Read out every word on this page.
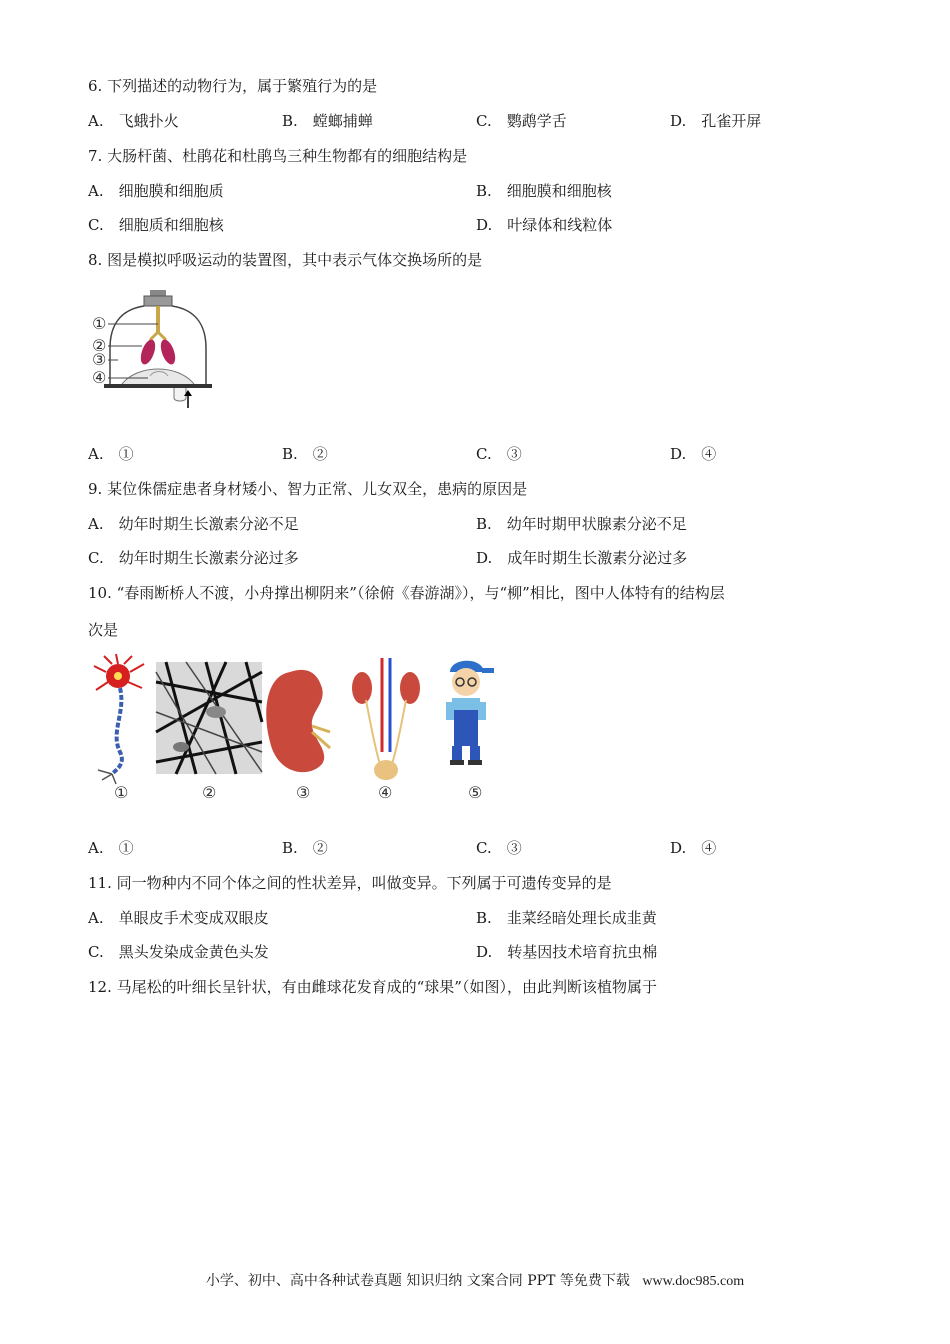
6. 下列描述的动物行为，属于繁殖行为的是
A.　飞蛾扑火	B.　螳螂捕蝉	C.　鹦鹉学舌	D.　孔雀开屏
7. 大肠杆菌、杜鹃花和杜鹃鸟三种生物都有的细胞结构是
A.　细胞膜和细胞质	B.　细胞膜和细胞核
C.　细胞质和细胞核	D.　叶绿体和线粒体
8. 图是模拟呼吸运动的装置图，其中表示气体交换场所的是
①
②
③
④
A.　①	B.　②	C.　③	D.　④
9. 某位侏儒症患者身材矮小、智力正常、儿女双全，患病的原因是
A.　幼年时期生长激素分泌不足	B.　幼年时期甲状腺素分泌不足
C.　幼年时期生长激素分泌过多	D.　成年时期生长激素分泌过多
10. “春雨断桥人不渡，小舟撑出柳阴来”（徐俯《春游湖》），与“柳”相比，图中人体特有的结构层
次是
①	②	③	④	⑤
A.　①	B.　②	C.　③	D.　④
11. 同一物种内不同个体之间的性状差异，叫做变异。下列属于可遗传变异的是
A.　单眼皮手术变成双眼皮	B.　韭菜经暗处理长成韭黄
C.　黑头发染成金黄色头发	D.　转基因技术培育抗虫棉
12. 马尾松的叶细长呈针状，有由雌球花发育成的“球果”（如图），由此判断该植物属于
小学、初中、高中各种试卷真题 知识归纳 文案合同 PPT 等免费下载 www.doc985.com
